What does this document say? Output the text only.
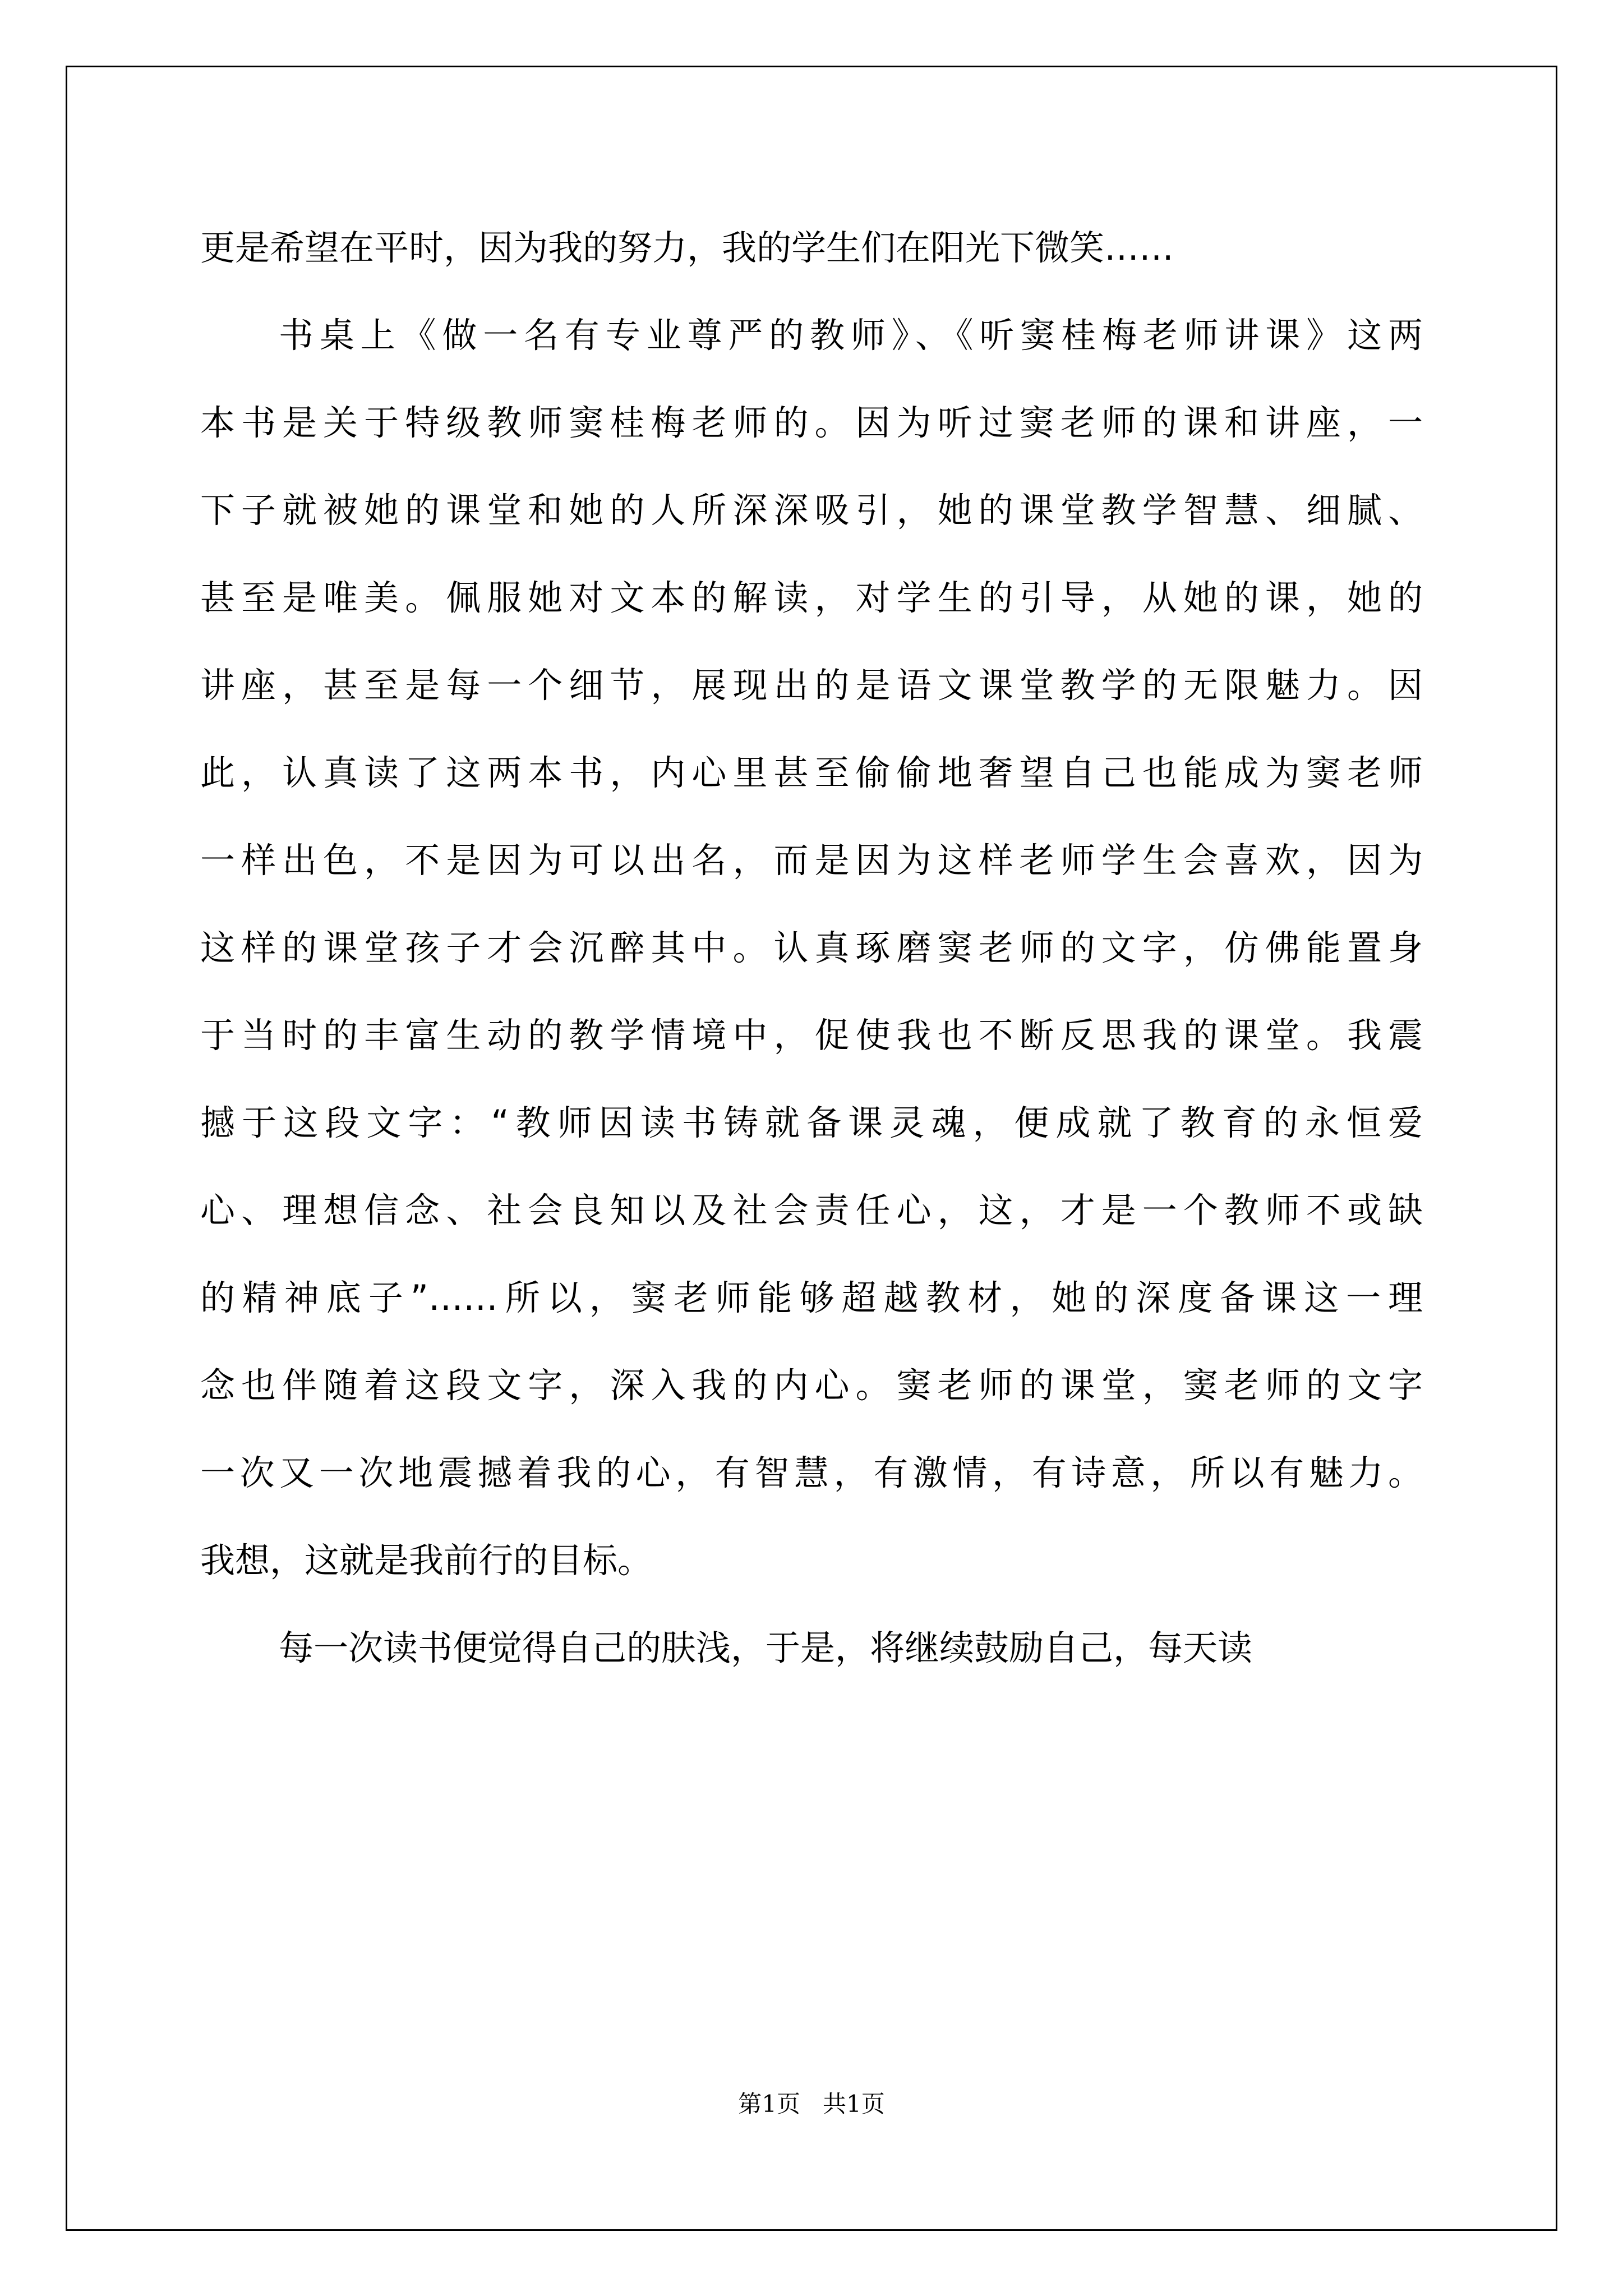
更是希望在平时，因为我的努力，我的学生们在阳光下微笑……
书桌上《做一名有专业尊严的教师》、《听窦桂梅老师讲课》这两
本书是关于特级教师窦桂梅老师的。因为听过窦老师的课和讲座，一
下子就被她的课堂和她的人所深深吸引，她的课堂教学智慧、细腻、
甚至是唯美。佩服她对文本的解读，对学生的引导，从她的课，她的
讲座，甚至是每一个细节，展现出的是语文课堂教学的无限魅力。因
此，认真读了这两本书，内心里甚至偷偷地奢望自己也能成为窦老师
一样出色，不是因为可以出名，而是因为这样老师学生会喜欢，因为
这样的课堂孩子才会沉醉其中。认真琢磨窦老师的文字，仿佛能置身
于当时的丰富生动的教学情境中，促使我也不断反思我的课堂。我震
撼于这段文字：“教师因读书铸就备课灵魂，便成就了教育的永恒爱
心、理想信念、社会良知以及社会责任心，这，才是一个教师不或缺
的精神底子”……所以，窦老师能够超越教材，她的深度备课这一理
念也伴随着这段文字，深入我的内心。窦老师的课堂，窦老师的文字
一次又一次地震撼着我的心，有智慧，有激情，有诗意，所以有魅力。
我想，这就是我前行的目标。
每一次读书便觉得自己的肤浅，于是，将继续鼓励自己，每天读
第1页   共1页
